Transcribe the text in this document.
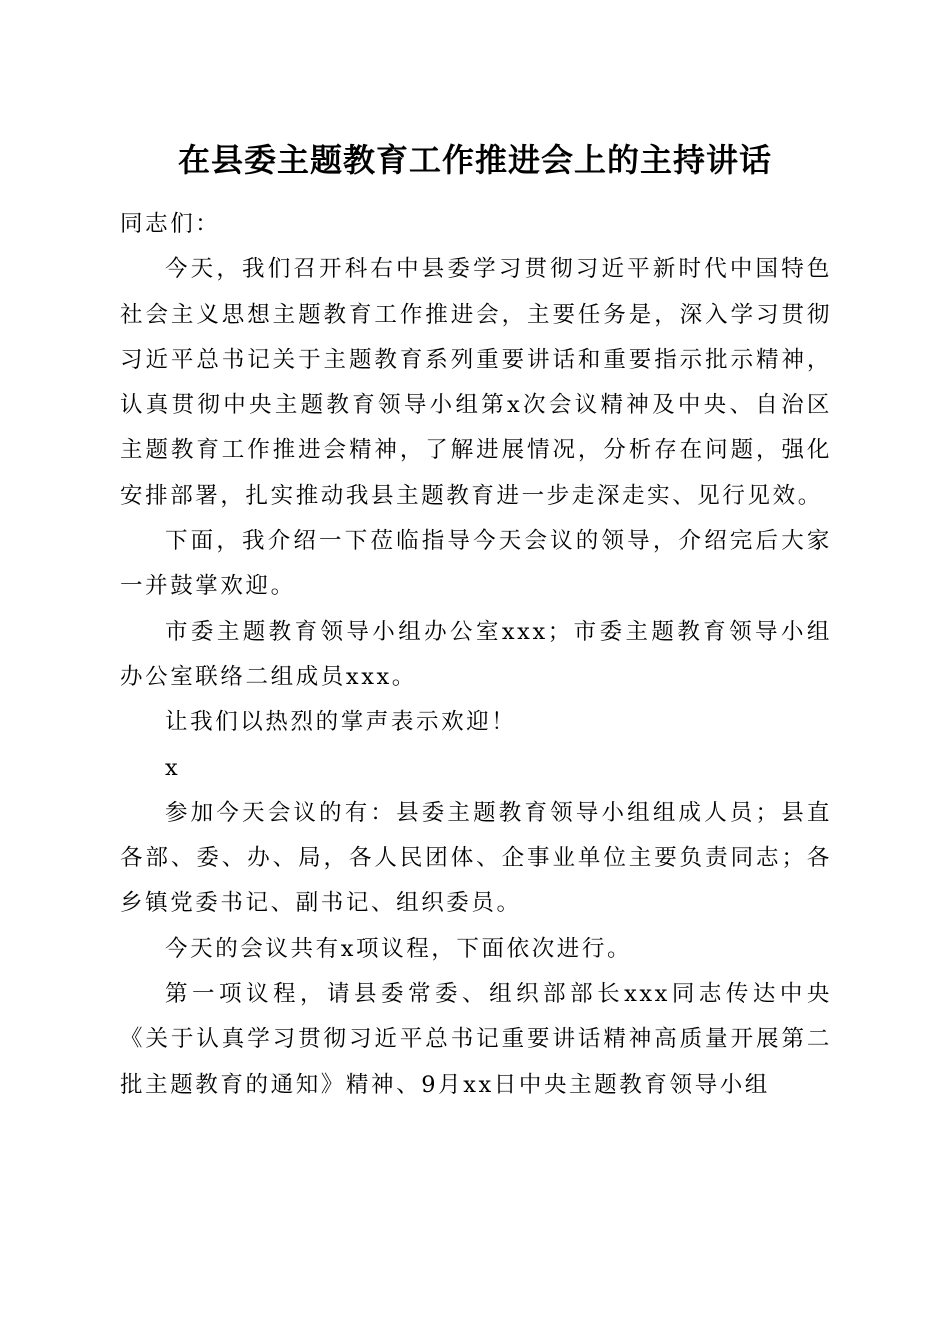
在县委主题教育工作推进会上的主持讲话

同志们：

今天，我们召开科右中县委学习贯彻习近平新时代中国特色社会主义思想主题教育工作推进会，主要任务是，深入学习贯彻习近平总书记关于主题教育系列重要讲话和重要指示批示精神，认真贯彻中央主题教育领导小组第x次会议精神及中央、自治区主题教育工作推进会精神，了解进展情况，分析存在问题，强化安排部署，扎实推动我县主题教育进一步走深走实、见行见效。

下面，我介绍一下莅临指导今天会议的领导，介绍完后大家一并鼓掌欢迎。

市委主题教育领导小组办公室xxx；市委主题教育领导小组办公室联络二组成员xxx。

让我们以热烈的掌声表示欢迎！

x

参加今天会议的有：县委主题教育领导小组组成人员；县直各部、委、办、局，各人民团体、企事业单位主要负责同志；各乡镇党委书记、副书记、组织委员。

今天的会议共有x项议程，下面依次进行。

第一项议程，请县委常委、组织部部长xxx同志传达中央《关于认真学习贯彻习近平总书记重要讲话精神高质量开展第二批主题教育的通知》精神、9月xx日中央主题教育领导小组
